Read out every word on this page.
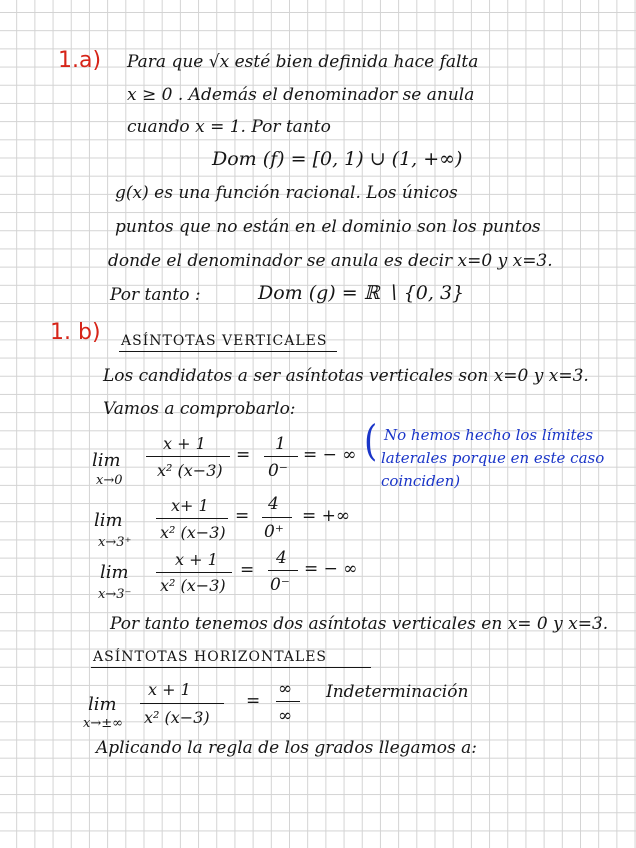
1.a) Para que √x esté bien definida hace falta
x ≥ 0 . Además el denominador se anula
cuando x = 1. Por tanto
Dom (f) = [0, 1) ∪ (1, +∞)
g(x) es una función racional. Los únicos
puntos que no están en el dominio son los puntos
donde el denominador se anula es decir x=0 y x=3.
Por tanto :	Dom (g) = ℝ ∖ {0, 3}
1. b) ASÍNTOTAS VERTICALES
Los candidatos a ser asíntotas verticales son x=0 y x=3.
Vamos a comprobarlo:
lim
x→0
x + 1
x² (x−3)
=
1
0⁻
= − ∞ ( No hemos hecho los límites
laterales porque en este caso
coinciden)
lim
x→3⁺
x+ 1
x² (x−3)
=
4
0⁺
= +∞
lim
x→3⁻
x + 1
x² (x−3)
=
4
0⁻
= − ∞
Por tanto tenemos dos asíntotas verticales en x= 0 y x=3.
ASÍNTOTAS HORIZONTALES
lim
x→±∞
x + 1
x² (x−3)
=
∞
∞
Indeterminación
Aplicando la regla de los grados llegamos a:
